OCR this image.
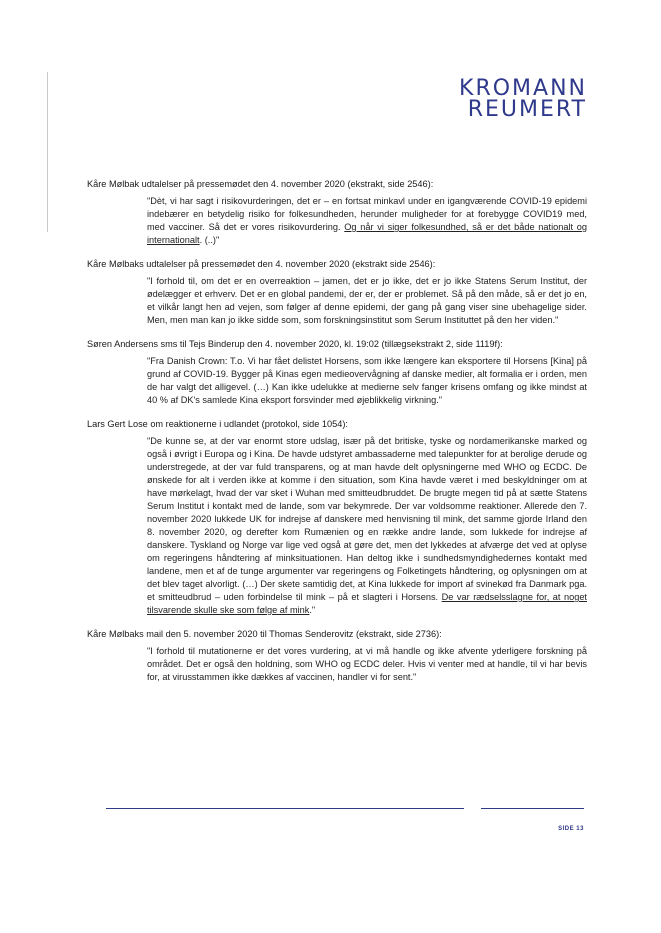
KROMANN
REUMERT

Kåre Mølbak udtalelser på pressemødet den 4. november 2020 (ekstrakt, side 2546):

"Dèt, vi har sagt i risikovurderingen, det er – en fortsat minkavl under en igangværende COVID-19 epidemi indebærer en betydelig risiko for folkesundheden, herunder muligheder for at forebygge COVID19 med, med vacciner. Så det er vores risikovurdering. Og når vi siger folkesundhed, så er det både nationalt og internationalt. (..)"

Kåre Mølbaks udtalelser på pressemødet den 4. november 2020 (ekstrakt side 2546):

"I forhold til, om det er en overreaktion – jamen, det er jo ikke, det er jo ikke Statens Serum Institut, der ødelægger et erhverv. Det er en global pandemi, der er, der er problemet. Så på den måde, så er det jo en, et vilkår langt hen ad vejen, som følger af denne epidemi, der gang på gang viser sine ubehagelige sider. Men, men man kan jo ikke sidde som, som forskningsinstitut som Serum Instituttet på den her viden."

Søren Andersens sms til Tejs Binderup den 4. november 2020, kl. 19:02 (tillægsekstrakt 2, side 1119f):

"Fra Danish Crown: T.o. Vi har fået delistet Horsens, som ikke længere kan eksportere til Horsens [Kina] på grund af COVID-19. Bygger på Kinas egen medieovervågning af danske medier, alt formalia er i orden, men de har valgt det alligevel. (…) Kan ikke udelukke at medierne selv fanger krisens omfang og ikke mindst at 40 % af DK's samlede Kina eksport forsvinder med øjeblikkelig virkning."

Lars Gert Lose om reaktionerne i udlandet (protokol, side 1054):

"De kunne se, at der var enormt store udslag, især på det britiske, tyske og nordamerikanske marked og også i øvrigt i Europa og i Kina. De havde udstyret ambassaderne med talepunkter for at berolige derude og understregede, at der var fuld transparens, og at man havde delt oplysningerne med WHO og ECDC. De ønskede for alt i verden ikke at komme i den situation, som Kina havde været i med beskyldninger om at have mørkelagt, hvad der var sket i Wuhan med smitteudbruddet. De brugte megen tid på at sætte Statens Serum Institut i kontakt med de lande, som var bekymrede. Der var voldsomme reaktioner. Allerede den 7. november 2020 lukkede UK for indrejse af danskere med henvisning til mink, det samme gjorde Irland den 8. november 2020, og derefter kom Rumænien og en række andre lande, som lukkede for indrejse af danskere. Tyskland og Norge var lige ved også at gøre det, men det lykkedes at afværge det ved at oplyse om regeringens håndtering af minksituationen. Han deltog ikke i sundhedsmyndighedernes kontakt med landene, men et af de tunge argumenter var regeringens og Folketingets håndtering, og oplysningen om at det blev taget alvorligt. (…) Der skete samtidig det, at Kina lukkede for import af svinekød fra Danmark pga. et smitteudbrud – uden forbindelse til mink – på et slagteri i Horsens. De var rædselsslagne for, at noget tilsvarende skulle ske som følge af mink."

Kåre Mølbaks mail den 5. november 2020 til Thomas Senderovitz (ekstrakt, side 2736):

"I forhold til mutationerne er det vores vurdering, at vi må handle og ikke afvente yderligere forskning på området. Det er også den holdning, som WHO og ECDC deler. Hvis vi venter med at handle, til vi har bevis for, at virusstammen ikke dækkes af vaccinen, handler vi for sent."

SIDE 13
